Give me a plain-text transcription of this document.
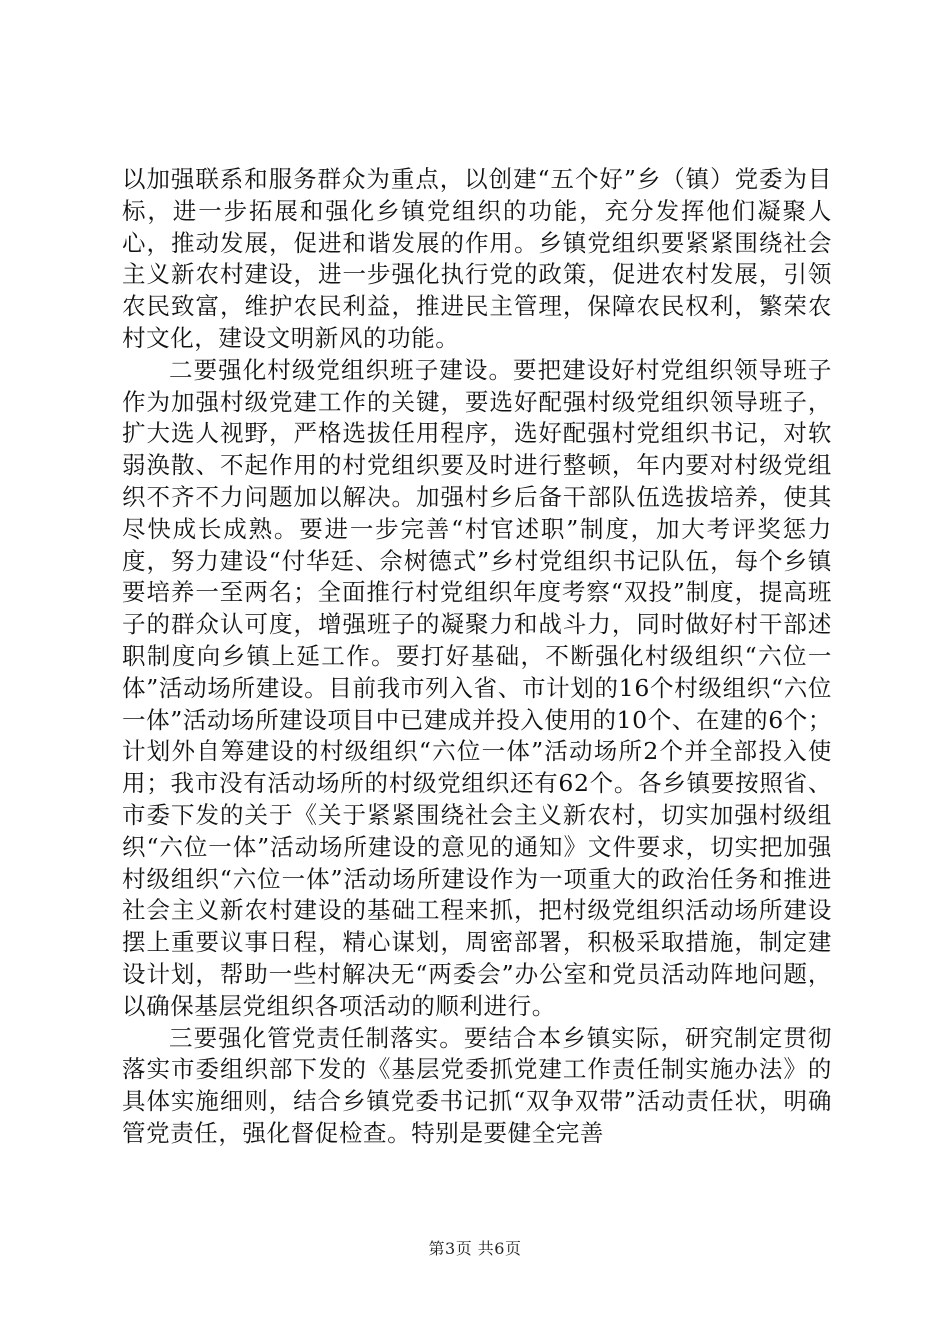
以加强联系和服务群众为重点，以创建“五个好”乡（镇）党委为目标，进一步拓展和强化乡镇党组织的功能，充分发挥他们凝聚人心，推动发展，促进和谐发展的作用。乡镇党组织要紧紧围绕社会主义新农村建设，进一步强化执行党的政策，促进农村发展，引领农民致富，维护农民利益，推进民主管理，保障农民权利，繁荣农村文化，建设文明新风的功能。

二要强化村级党组织班子建设。要把建设好村党组织领导班子作为加强村级党建工作的关键，要选好配强村级党组织领导班子，扩大选人视野，严格选拔任用程序，选好配强村党组织书记，对软弱涣散、不起作用的村党组织要及时进行整顿，年内要对村级党组织不齐不力问题加以解决。加强村乡后备干部队伍选拔培养，使其尽快成长成熟。要进一步完善“村官述职”制度，加大考评奖惩力度，努力建设“付华廷、佘树德式”乡村党组织书记队伍，每个乡镇要培养一至两名；全面推行村党组织年度考察“双投”制度，提高班子的群众认可度，增强班子的凝聚力和战斗力，同时做好村干部述职制度向乡镇上延工作。要打好基础，不断强化村级组织“六位一体”活动场所建设。目前我市列入省、市计划的16个村级组织“六位一体”活动场所建设项目中已建成并投入使用的10个、在建的6个；计划外自筹建设的村级组织“六位一体”活动场所2个并全部投入使用；我市没有活动场所的村级党组织还有62个。各乡镇要按照省、市委下发的关于《关于紧紧围绕社会主义新农村，切实加强村级组织“六位一体”活动场所建设的意见的通知》文件要求，切实把加强村级组织“六位一体”活动场所建设作为一项重大的政治任务和推进社会主义新农村建设的基础工程来抓，把村级党组织活动场所建设摆上重要议事日程，精心谋划，周密部署，积极采取措施，制定建设计划，帮助一些村解决无“两委会”办公室和党员活动阵地问题，以确保基层党组织各项活动的顺利进行。

三要强化管党责任制落实。要结合本乡镇实际，研究制定贯彻落实市委组织部下发的《基层党委抓党建工作责任制实施办法》的具体实施细则，结合乡镇党委书记抓“双争双带”活动责任状，明确管党责任，强化督促检查。特别是要健全完善

第3页 共6页
